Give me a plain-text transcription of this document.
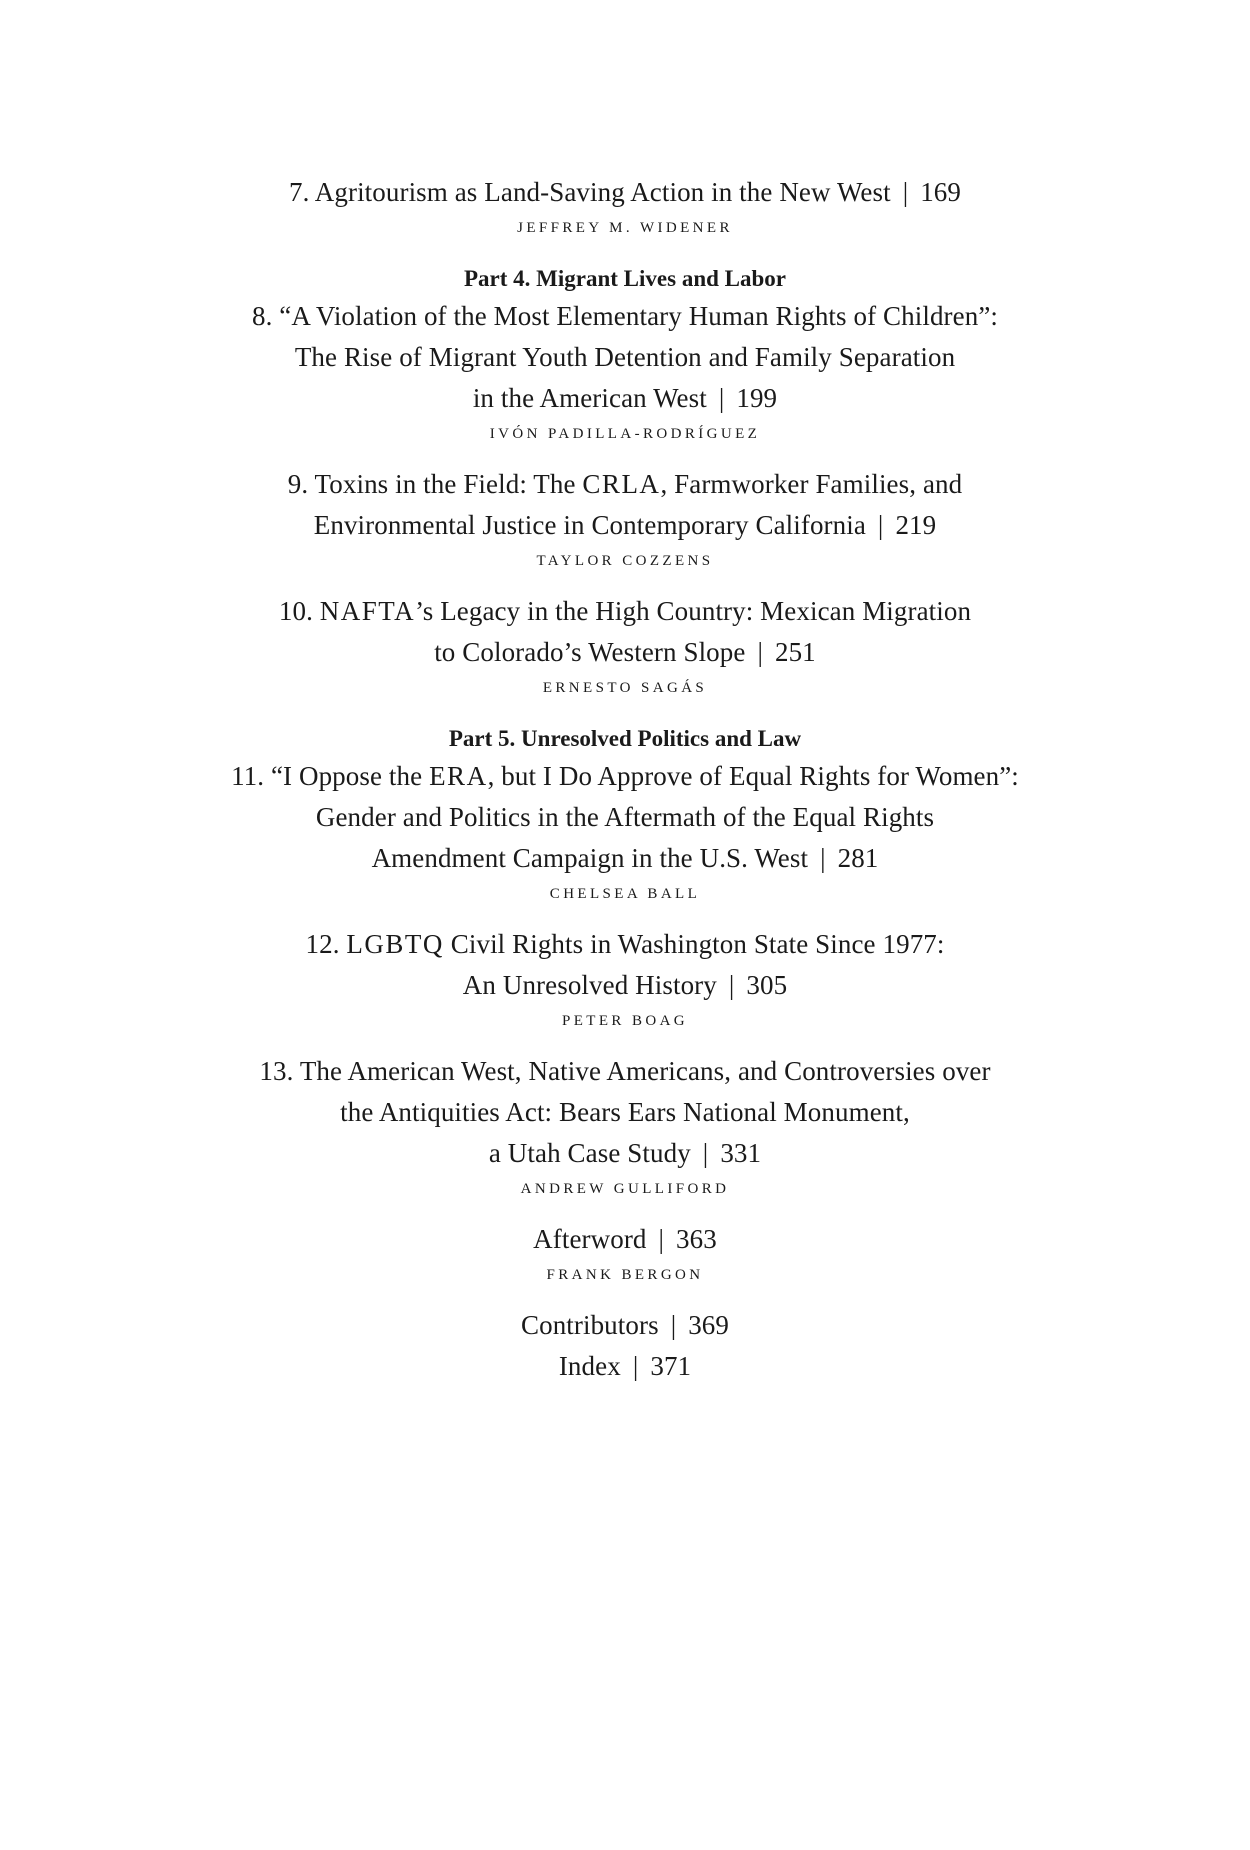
7. Agritourism as Land-Saving Action in the New West | 169
JEFFREY M. WIDENER
Part 4. Migrant Lives and Labor
8. “A Violation of the Most Elementary Human Rights of Children”:
The Rise of Migrant Youth Detention and Family Separation
in the American West | 199
IVÓN PADILLA-RODRÍGUEZ
9. Toxins in the Field: The CRLA, Farmworker Families, and
Environmental Justice in Contemporary California | 219
TAYLOR COZZENS
10. NAFTA’s Legacy in the High Country: Mexican Migration
to Colorado’s Western Slope | 251
ERNESTO SAGÁS
Part 5. Unresolved Politics and Law
11. “I Oppose the ERA, but I Do Approve of Equal Rights for Women”:
Gender and Politics in the Aftermath of the Equal Rights
Amendment Campaign in the U.S. West | 281
CHELSEA BALL
12. LGBTQ Civil Rights in Washington State Since 1977:
An Unresolved History | 305
PETER BOAG
13. The American West, Native Americans, and Controversies over
the Antiquities Act: Bears Ears National Monument,
a Utah Case Study | 331
ANDREW GULLIFORD
Afterword | 363
FRANK BERGON
Contributors | 369
Index | 371
